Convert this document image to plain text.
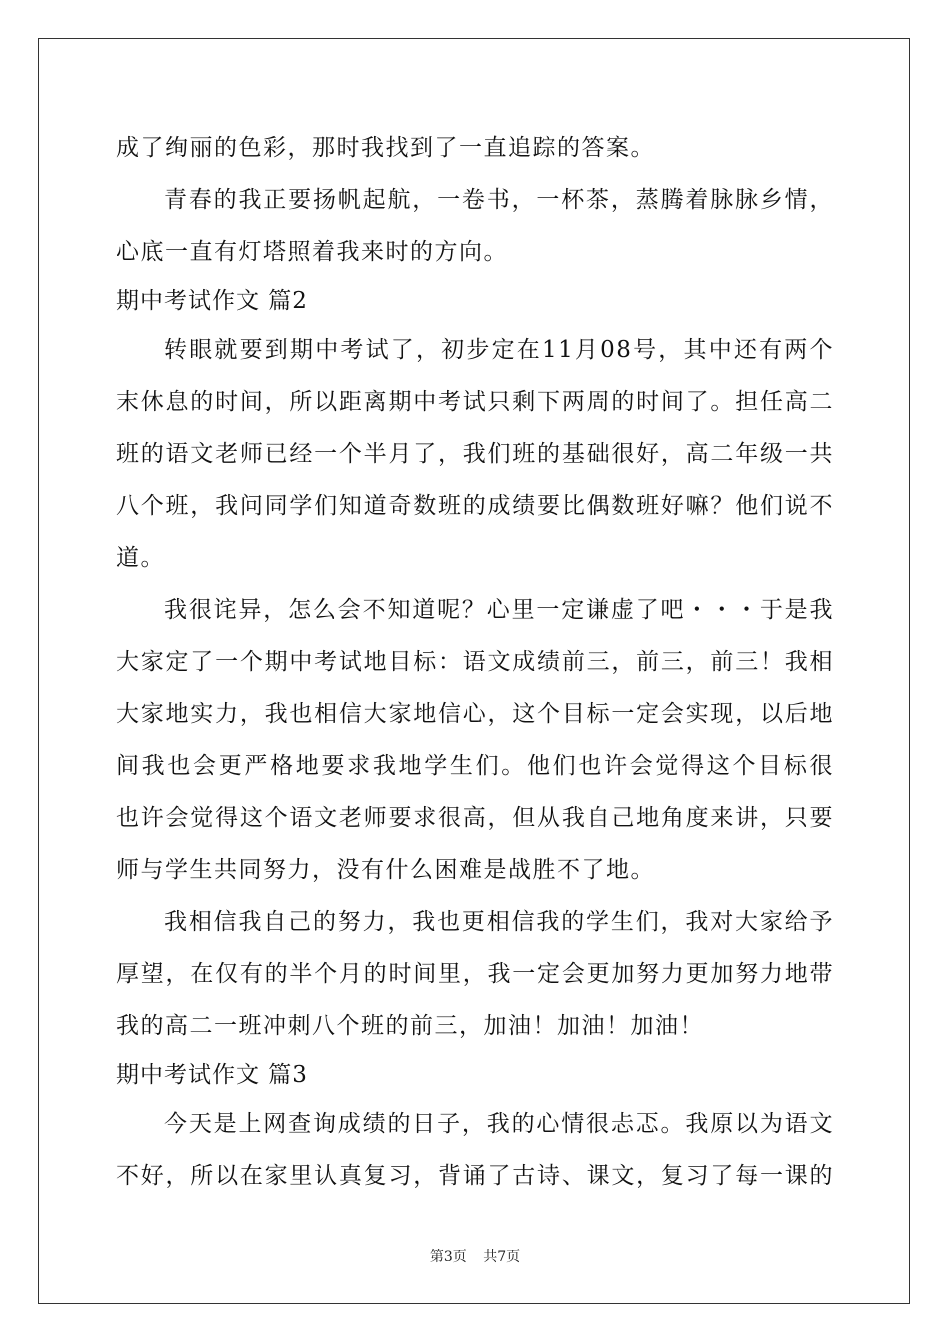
成了绚丽的色彩，那时我找到了一直追踪的答案。
青春的我正要扬帆起航，一卷书，一杯茶，蒸腾着脉脉乡情，
心底一直有灯塔照着我来时的方向。
期中考试作文 篇2
转眼就要到期中考试了，初步定在11月08号，其中还有两个
末休息的时间，所以距离期中考试只剩下两周的时间了。担任高二
班的语文老师已经一个半月了，我们班的基础很好，高二年级一共
八个班，我问同学们知道奇数班的成绩要比偶数班好嘛？他们说不
道。
我很诧异，怎么会不知道呢？心里一定谦虚了吧・・・于是我
大家定了一个期中考试地目标：语文成绩前三，前三，前三！我相
大家地实力，我也相信大家地信心，这个目标一定会实现，以后地
间我也会更严格地要求我地学生们。他们也许会觉得这个目标很
也许会觉得这个语文老师要求很高，但从我自己地角度来讲，只要
师与学生共同努力，没有什么困难是战胜不了地。
我相信我自己的努力，我也更相信我的学生们，我对大家给予
厚望，在仅有的半个月的时间里，我一定会更加努力更加努力地带
我的高二一班冲刺八个班的前三，加油！加油！加油！
期中考试作文 篇3
今天是上网查询成绩的日子，我的心情很忐忑。我原以为语文
不好，所以在家里认真复习，背诵了古诗、课文，复习了每一课的
第3页 共7页
